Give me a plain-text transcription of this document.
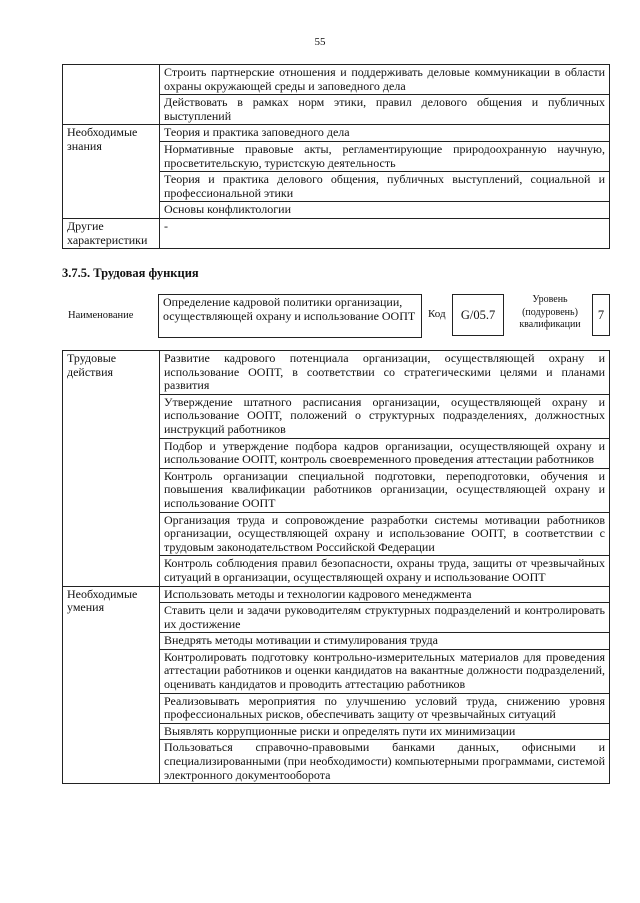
55
	Строить партнерские отношения и поддерживать деловые коммуникации в области охраны окружающей среды и заповедного дела
	Действовать в рамках норм этики, правил делового общения и публичных выступлений
Необходимые знания	Теория и практика заповедного дела
	Нормативные правовые акты, регламентирующие природоохранную научную, просветительскую, туристскую деятельность
	Теория и практика делового общения, публичных выступлений, социальной и профессиональной этики
	Основы конфликтологии
Другие характеристики	-
3.7.5. Трудовая функция
Наименование
Определение кадровой политики организации, осуществляющей охрану и использование ООПТ	Код	G/05.7
Уровень (подуровень) квалификации
7
Трудовые действия	Развитие кадрового потенциала организации, осуществляющей охрану и использование ООПТ, в соответствии со стратегическими целями и планами развития
	Утверждение штатного расписания организации, осуществляющей охрану и использование ООПТ, положений о структурных подразделениях, должностных инструкций работников
	Подбор и утверждение подбора кадров организации, осуществляющей охрану и использование ООПТ, контроль своевременного проведения аттестации работников
	Контроль организации специальной подготовки, переподготовки, обучения и повышения квалификации работников организации, осуществляющей охрану и использование ООПТ
	Организация труда и сопровождение разработки системы мотивации работников организации, осуществляющей охрану и использование ООПТ, в соответствии с трудовым законодательством Российской Федерации
	Контроль соблюдения правил безопасности, охраны труда, защиты от чрезвычайных ситуаций в организации, осуществляющей охрану и использование ООПТ
Необходимые умения	Использовать методы и технологии кадрового менеджмента
	Ставить цели и задачи руководителям структурных подразделений и контролировать их достижение
	Внедрять методы мотивации и стимулирования труда
	Контролировать подготовку контрольно-измерительных материалов для проведения аттестации работников и оценки кандидатов на вакантные должности подразделений, оценивать кандидатов и проводить аттестацию работников
	Реализовывать мероприятия по улучшению условий труда, снижению уровня профессиональных рисков, обеспечивать защиту от чрезвычайных ситуаций
	Выявлять коррупционные риски и определять пути их минимизации
	Пользоваться справочно-правовыми банками данных, офисными и специализированными (при необходимости) компьютерными программами, системой электронного документооборота
